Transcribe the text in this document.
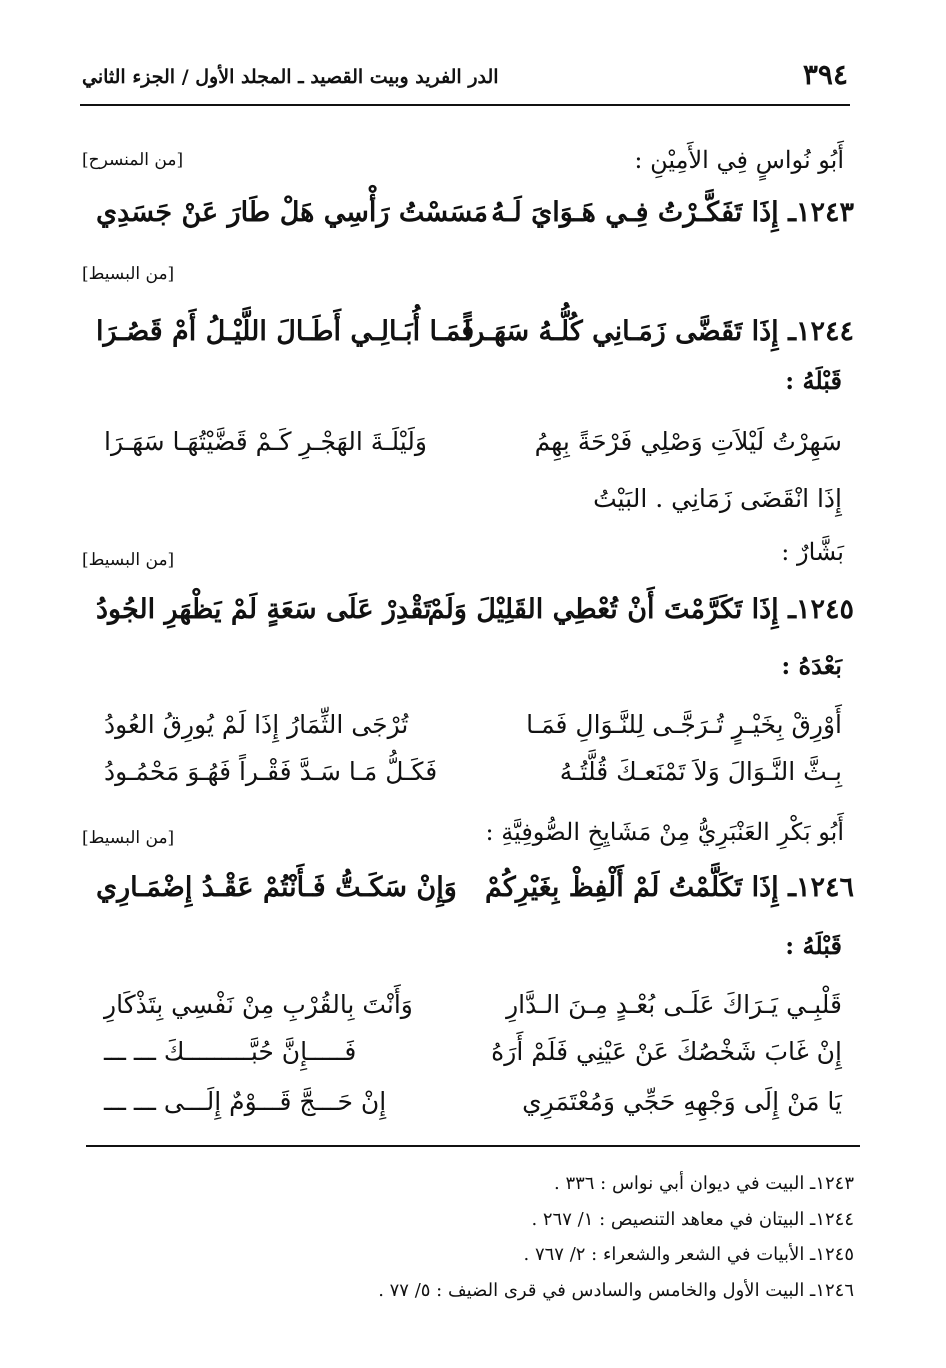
٣٩٤
الدر الفريد وبيت القصيد ـ المجلد الأول / الجزء الثاني
أَبُو نُواسٍ فِي الأَمِيْنِ :
[من المنسرح]
١٢٤٣ـ إِذَا تَفَكَّـرْتُ فِـي هَـوَايَ لَـهُ
مَسَسْتُ رَأْسِي هَلْ طَارَ عَنْ جَسَدِي
[من البسيط]
١٢٤٤ـ إِذَا تَقَضَّى زَمَـانِي كُلُّـهُ سَهَـراً
فَمَـا أُبَـالِـي أَطَـالَ اللَّيْـلُ أَمْ قَصُـرَا
قَبْلَهُ :
سَهِرْتُ لَيْلاَتِ وَصْلِي فَرْحَةً بِهِمُ
وَلَيْلَـةَ الهَجْـرِ كَـمْ قَضَّيْتُهَـا سَهَـرَا
إِذَا انْقَضَى زَمَانِي . البَيْتُ
بَشَّارٌ :
[من البسيط]
١٢٤٥ـ إِذَا تَكَرَّمْتَ أَنْ تُعْطِي القَلِيْلَ وَلَمْ
تَقْدِرْ عَلَى سَعَةٍ لَمْ يَظْهَرِ الجُودُ
بَعْدَهُ :
أَوْرِقْ بِخَيْـرٍ تُـرَجَّـى لِلنَّـوَالِ فَمَـا
تُرْجَى الثِّمَارُ إِذَا لَمْ يُورِقُ العُودُ
بِـثَّ النَّـوَالَ وَلاَ تَمْنَعـكَ قُلَّتُـهُ
فَكَـلُّ مَـا سَـدَّ فَقْـراً فَهُـوَ مَحْمُـودُ
أَبُو بَكْرِ العَنْبَرِيُّ مِنْ مَشَايِخِ الصُّوفِيَّةِ :
[من البسيط]
١٢٤٦ـ إِذَا تَكَلَّمْتُ لَمْ أَلْفِظْ بِغَيْرِكُمْ
وَإِنْ سَكَـتُّ فَـأَنْتُمْ عَقْـدُ إِضْمَـارِي
قَبْلَهُ :
قَلْبِـي يَـرَاكَ عَلَـى بُعْـدٍ مِـنَ الـدَّارِ
وَأَنْتَ بِالقُرْبِ مِنْ نَفْسِي بِتَذْكَارِ
إِنْ غَابَ شَخْصُكَ عَنْ عَيْنِي فَلَمْ أَرَهُ
فَـــــإِنَّ حُبَّـــــــــكَ ـــ ـــ
يَا مَنْ إِلَى وَجْهِهِ حَجِّي وَمُعْتَمَرِي
إِنْ حَـــجَّ قَـــوْمٌ إِلَـــى ـــ ـــ
١٢٤٣ـ البيت في ديوان أبي نواس : ٣٣٦ .
١٢٤٤ـ البيتان في معاهد التنصيص : ١/ ٢٦٧ .
١٢٤٥ـ الأبيات في الشعر والشعراء : ٢/ ٧٦٧ .
١٢٤٦ـ البيت الأول والخامس والسادس في قرى الضيف : ٥/ ٧٧ .
